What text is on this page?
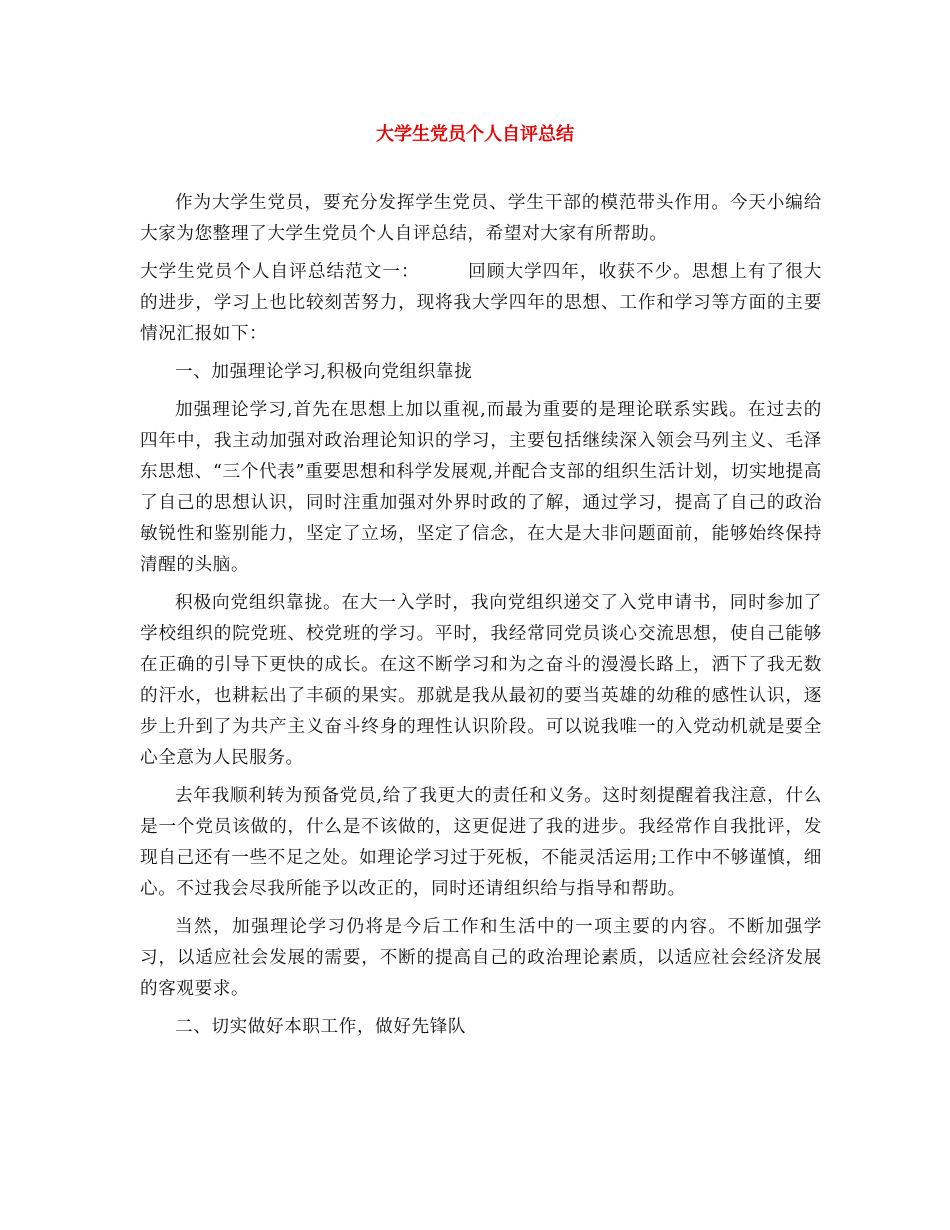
大学生党员个人自评总结

作为大学生党员，要充分发挥学生党员、学生干部的模范带头作用。今天小编给大家为您整理了大学生党员个人自评总结，希望对大家有所帮助。

大学生党员个人自评总结范文一：	回顾大学四年，收获不少。思想上有了很大的进步，学习上也比较刻苦努力，现将我大学四年的思想、工作和学习等方面的主要情况汇报如下：

一、加强理论学习,积极向党组织靠拢

加强理论学习,首先在思想上加以重视,而最为重要的是理论联系实践。在过去的四年中，我主动加强对政治理论知识的学习，主要包括继续深入领会马列主义、毛泽东思想、“三个代表”重要思想和科学发展观,并配合支部的组织生活计划，切实地提高了自己的思想认识，同时注重加强对外界时政的了解，通过学习，提高了自己的政治敏锐性和鉴别能力，坚定了立场，坚定了信念，在大是大非问题面前，能够始终保持清醒的头脑。

积极向党组织靠拢。在大一入学时，我向党组织递交了入党申请书，同时参加了学校组织的院党班、校党班的学习。平时，我经常同党员谈心交流思想，使自己能够在正确的引导下更快的成长。在这不断学习和为之奋斗的漫漫长路上，洒下了我无数的汗水，也耕耘出了丰硕的果实。那就是我从最初的要当英雄的幼稚的感性认识，逐步上升到了为共产主义奋斗终身的理性认识阶段。可以说我唯一的入党动机就是要全心全意为人民服务。

去年我顺利转为预备党员,给了我更大的责任和义务。这时刻提醒着我注意，什么是一个党员该做的，什么是不该做的，这更促进了我的进步。我经常作自我批评，发现自己还有一些不足之处。如理论学习过于死板，不能灵活运用;工作中不够谨慎，细心。不过我会尽我所能予以改正的，同时还请组织给与指导和帮助。

当然，加强理论学习仍将是今后工作和生活中的一项主要的内容。不断加强学习，以适应社会发展的需要，不断的提高自己的政治理论素质，以适应社会经济发展的客观要求。

二、切实做好本职工作，做好先锋队
